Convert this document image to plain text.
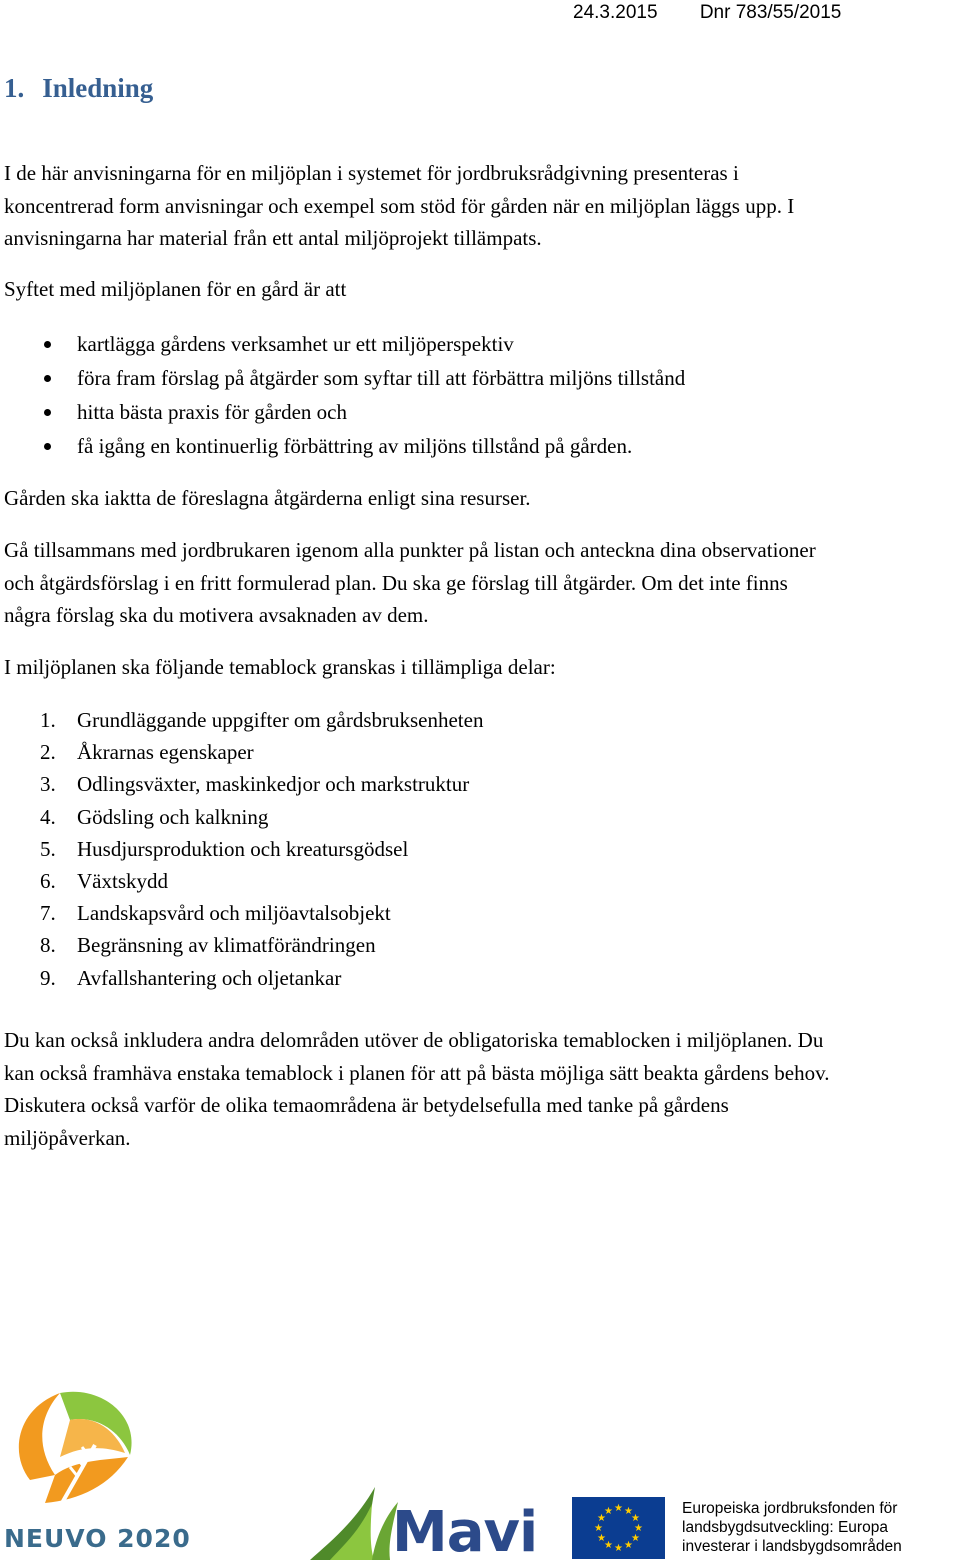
24.3.2015 Dnr 783/55/2015
1. Inledning
I de här anvisningarna för en miljöplan i systemet för jordbruksrådgivning presenteras i
koncentrerad form anvisningar och exempel som stöd för gården när en miljöplan läggs upp. I
anvisningarna har material från ett antal miljöprojekt tillämpats.
Syftet med miljöplanen för en gård är att
kartlägga gårdens verksamhet ur ett miljöperspektiv
föra fram förslag på åtgärder som syftar till att förbättra miljöns tillstånd
hitta bästa praxis för gården och
få igång en kontinuerlig förbättring av miljöns tillstånd på gården.
Gården ska iaktta de föreslagna åtgärderna enligt sina resurser.
Gå tillsammans med jordbrukaren igenom alla punkter på listan och anteckna dina observationer
och åtgärdsförslag i en fritt formulerad plan. Du ska ge förslag till åtgärder. Om det inte finns
några förslag ska du motivera avsaknaden av dem.
I miljöplanen ska följande temablock granskas i tillämpliga delar:
1. Grundläggande uppgifter om gårdsbruksenheten
2. Åkrarnas egenskaper
3. Odlingsväxter, maskinkedjor och markstruktur
4. Gödsling och kalkning
5. Husdjursproduktion och kreatursgödsel
6. Växtskydd
7. Landskapsvård och miljöavtalsobjekt
8. Begränsning av klimatförändringen
9. Avfallshantering och oljetankar
Du kan också inkludera andra delområden utöver de obligatoriska temablocken i miljöplanen. Du
kan också framhäva enstaka temablock i planen för att på bästa möjliga sätt beakta gårdens behov.
Diskutera också varför de olika temaområdena är betydelsefulla med tanke på gårdens
miljöpåverkan.
NEUVO 2020	Mavi	★ ★
★
★
★
★
★
★
★
★
★
★	Europeiska jordbruksfonden för
landsbygdsutveckling: Europa
investerar i landsbygdsområden
